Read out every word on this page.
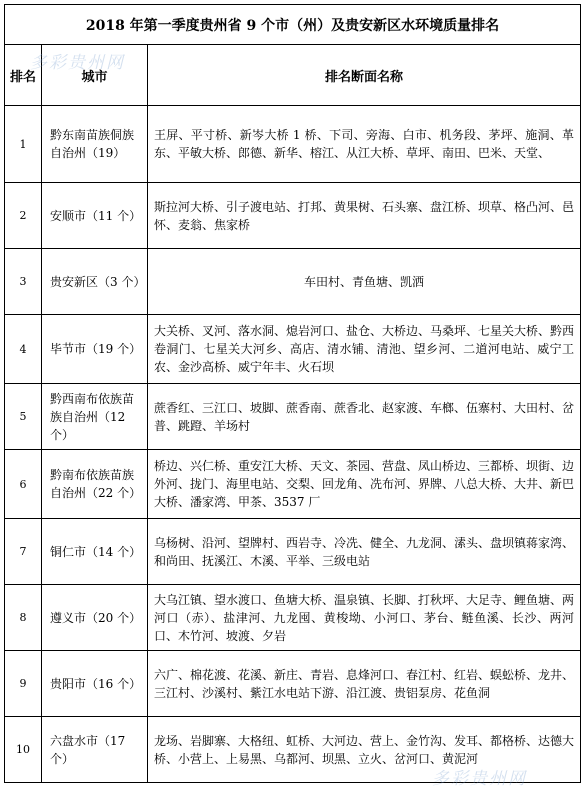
2018 年第一季度贵州省 9 个市（州）及贵安新区水环境质量排名		
排名	城市	排名断面名称
1	黔东南苗族侗族自治州（19）	王屏、平寸桥、新岑大桥 1 桥、下司、旁海、白市、机务段、茅坪、施洞、革东、平敏大桥、郎德、新华、榕江、从江大桥、草坪、南田、巴米、天堂、
2	安顺市（11 个）	斯拉河大桥、引子渡电站、打邦、黄果树、石头寨、盘江桥、坝草、格凸河、邑怀、麦翁、焦家桥
3	贵安新区（3 个）	车田村、青鱼塘、凯洒
4	毕节市（19 个）	大关桥、叉河、落水洞、熄岩河口、盐仓、大桥边、马桑坪、七星关大桥、黔西卷洞门、七星关大河乡、高店、清水铺、清池、望乡河、二道河电站、威宁工农、金沙高桥、威宁年丰、火石坝
5	黔西南布依族苗族自治州（12 个）	蔗香红、三江口、坡脚、蔗香南、蔗香北、赵家渡、车榔、伍寨村、大田村、岔普、跳蹬、羊场村
6	黔南布依族苗族自治州（22 个）	桥边、兴仁桥、重安江大桥、天文、茶园、营盘、凤山桥边、三都桥、坝街、边外河、拢门、海里电站、交梨、回龙角、冼布河、界牌、八总大桥、大井、新巴大桥、潘家湾、甲茶、3537 厂
7	铜仁市（14 个）	乌杨树、沿河、望牌村、西岩寺、冷冼、健全、九龙洞、溸头、盘坝镇蒋家湾、和尚田、抚溪江、木溪、平举、三级电站
8	遵义市（20 个）	大乌江镇、望水渡口、鱼塘大桥、温泉镇、长脚、打秋坪、大足寺、鲤鱼塘、两河口（赤）、盐津河、九龙囤、黄梭坳、小河口、茅台、鲢鱼溪、长沙、两河口、木竹河、坡渡、夕岩
9	贵阳市（16 个）	六广、棉花渡、花溪、新庄、青岩、息烽河口、春江村、红岩、蜈蚣桥、龙井、三江村、沙溪村、紫江水电站下游、沿江渡、贵铝泵房、花鱼洞
10	六盘水市（17 个）	龙场、岩脚寨、大格纽、虹桥、大河边、营上、金竹沟、发耳、都格桥、达德大桥、小营上、上易黑、乌都河、坝黑、立火、岔河口、黄泥河
多彩贵州网
多彩贵州网
